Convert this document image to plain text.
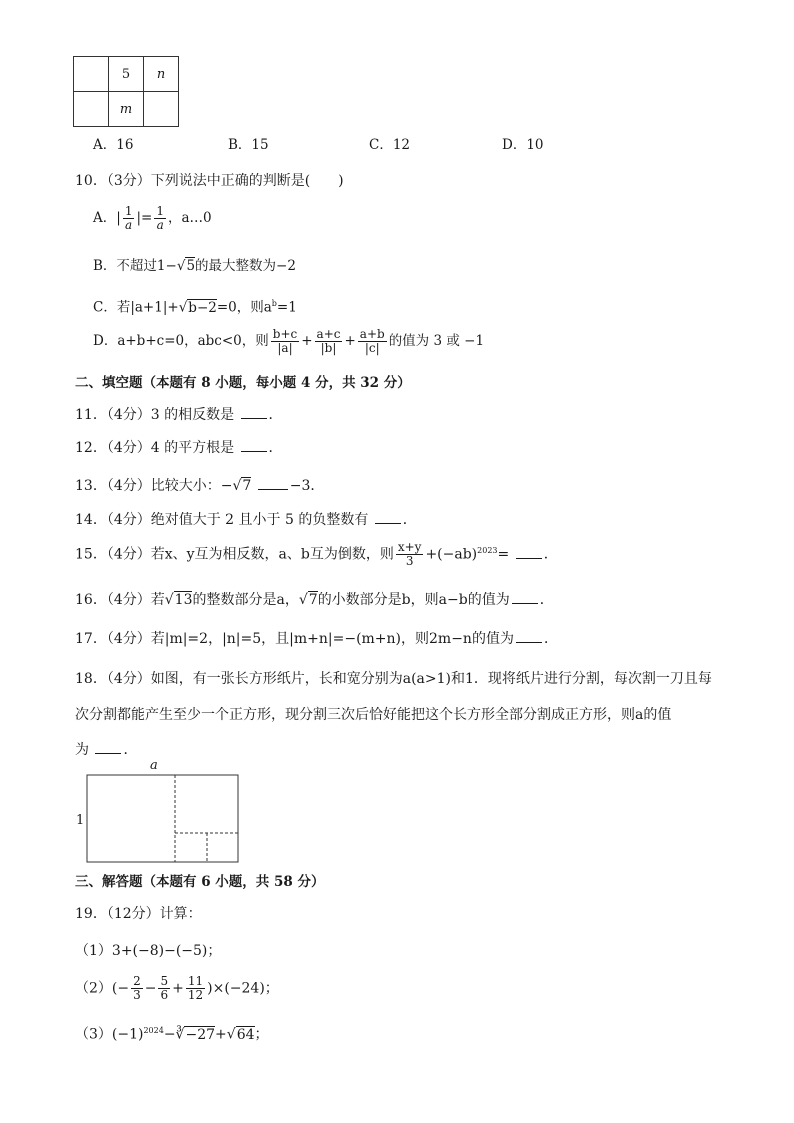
	5	n
	m	
A．16	B．15	C．12	D．10
10．（3分）下列说法中正确的判断是(　　)
A．| $\frac{1}{a}$ |= $\frac{1}{a}$ ，a…0
B．不超过1−√5的最大整数为−2
C．若|a+1|+√b−2=0，则$a^b=1$
D．a+b+c=0，abc<0，则 $\frac{b+c}{|a|} + \frac{a+c}{|b|} + \frac{a+b}{|c|}$ 的值为 3 或 −1
二、填空题（本题有 8 小题，每小题 4 分，共 32 分）
11．（4分）3 的相反数是 ．
12．（4分）4 的平方根是 ．
13．（4分）比较大小：−√7	−3．
14．（4分）绝对值大于 2 且小于 5 的负整数有 ．
15．（4分）若x、y互为相反数，a、b互为倒数，则 $\frac{x+y}{3} +(-ab)^{2023}=$ ．
16．（4分）若√13的整数部分是a，√7的小数部分是b，则a−b的值为 ．
17．（4分）若|m|=2，|n|=5，且|m+n|=−(m+n)，则2m−n的值为 ．
18．（4分）如图，有一张长方形纸片，长和宽分别为a(a>1)和1．现将纸片进行分割，每次割一刀且每
次分割都能产生至少一个正方形，现分割三次后恰好能把这个长方形全部分割成正方形，则a的值
为 ．
a
1
三、解答题（本题有 6 小题，共 58 分）
19．（12分）计算：
（1）3+(−8)−(−5)；
$(2)(- \frac{2}{3} - \frac{5}{6} + \frac{11}{12} )\times(-24)$；
$(3)(-1)^{2024}-∛-27+√64$；
